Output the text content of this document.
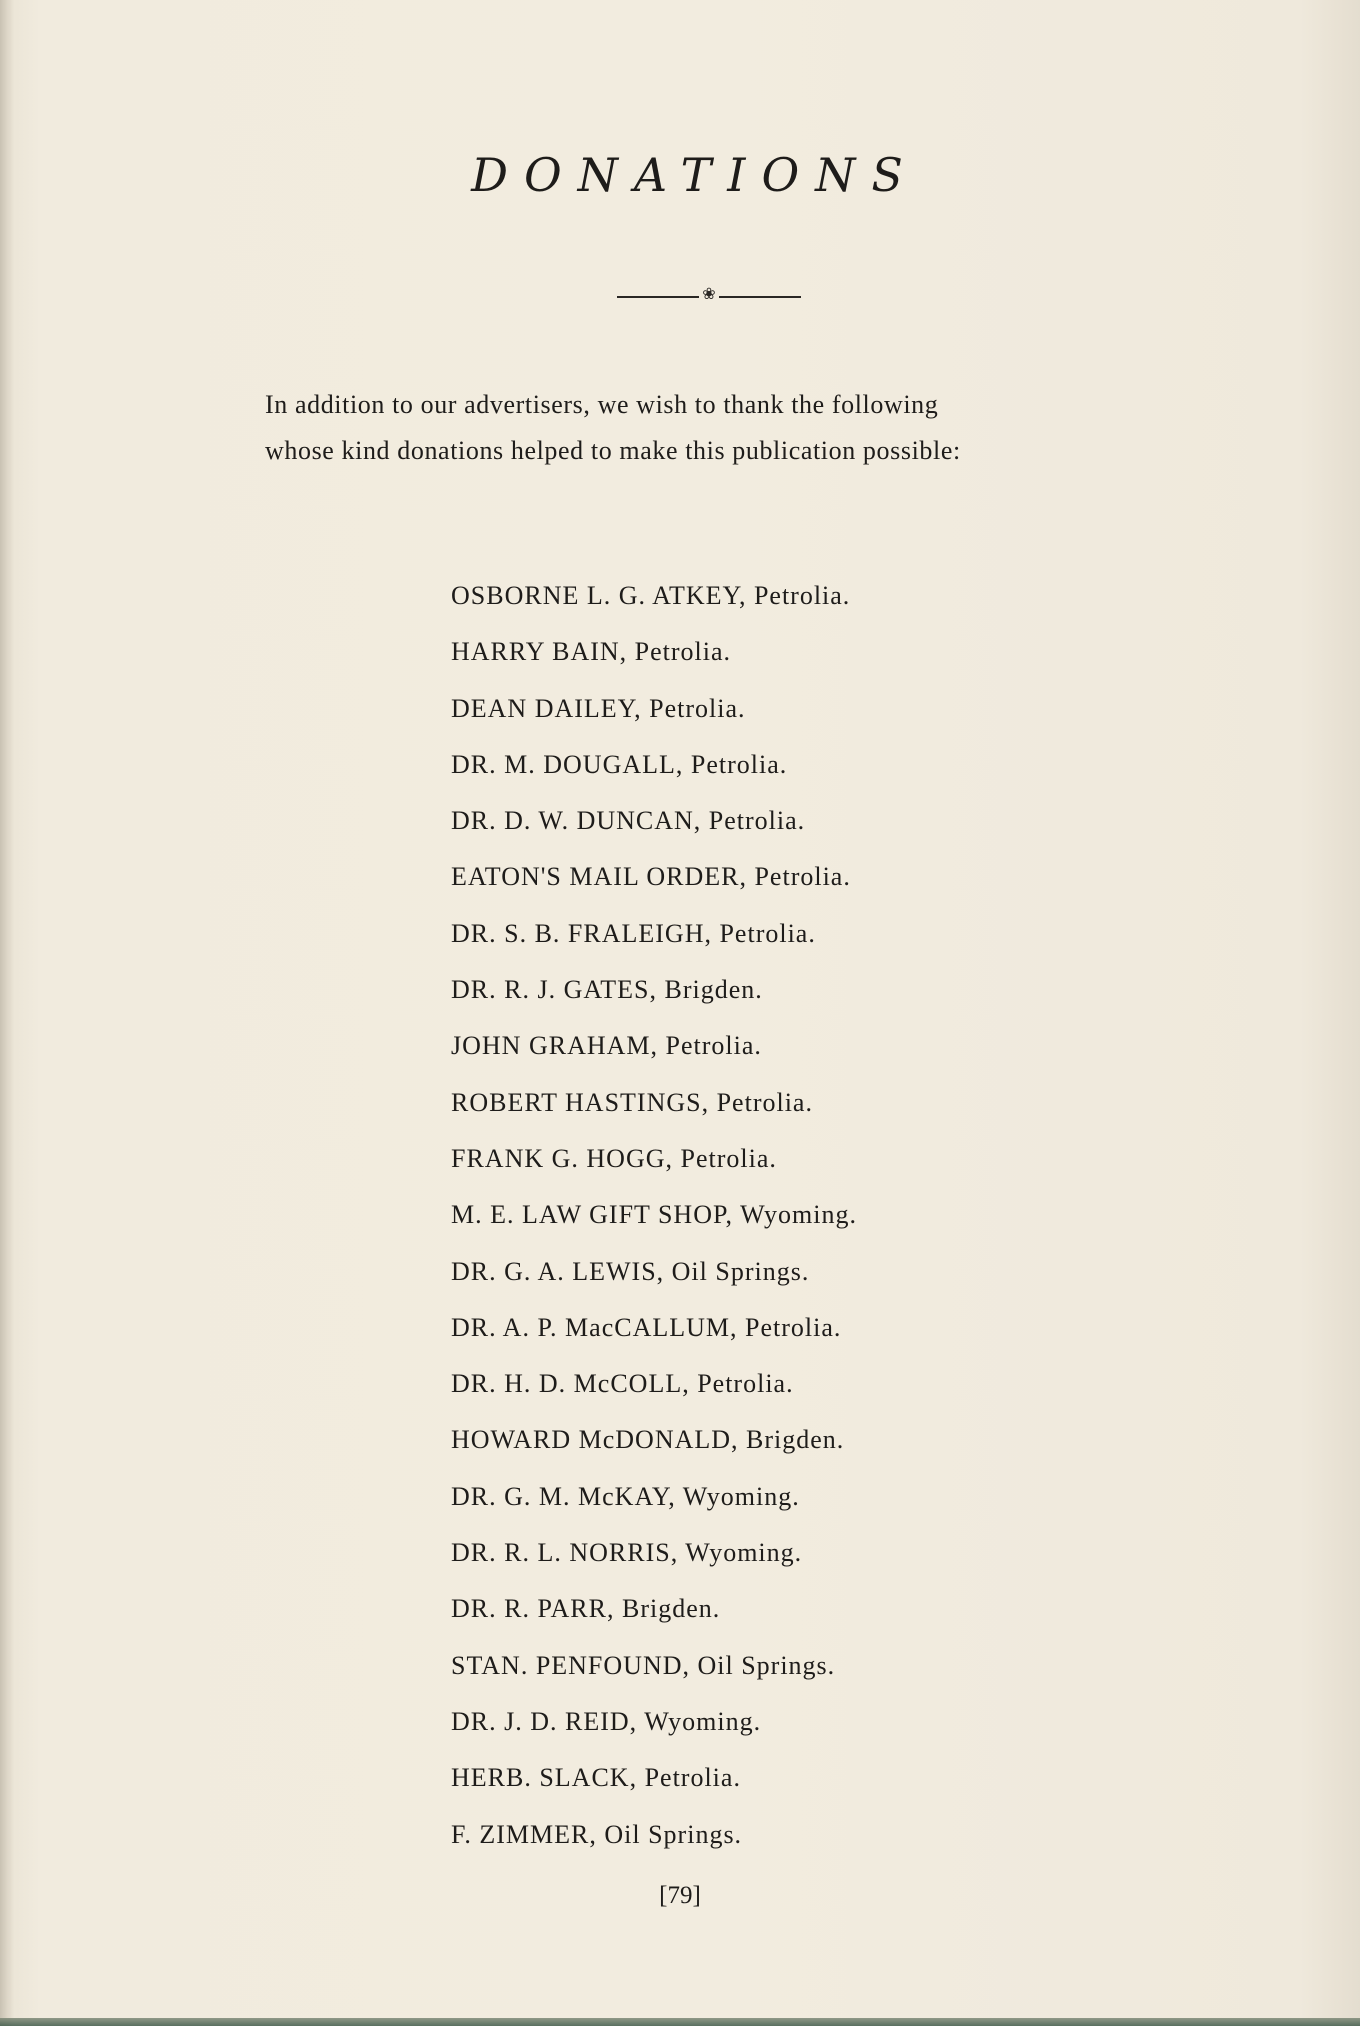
DONATIONS
❀

In addition to our advertisers, we wish to thank the following
whose kind donations helped to make this publication possible:

OSBORNE L. G. ATKEY, Petrolia.
HARRY BAIN, Petrolia.
DEAN DAILEY, Petrolia.
DR. M. DOUGALL, Petrolia.
DR. D. W. DUNCAN, Petrolia.
EATON'S MAIL ORDER, Petrolia.
DR. S. B. FRALEIGH, Petrolia.
DR. R. J. GATES, Brigden.
JOHN GRAHAM, Petrolia.
ROBERT HASTINGS, Petrolia.
FRANK G. HOGG, Petrolia.
M. E. LAW GIFT SHOP, Wyoming.
DR. G. A. LEWIS, Oil Springs.
DR. A. P. MacCALLUM, Petrolia.
DR. H. D. McCOLL, Petrolia.
HOWARD McDONALD, Brigden.
DR. G. M. McKAY, Wyoming.
DR. R. L. NORRIS, Wyoming.
DR. R. PARR, Brigden.
STAN. PENFOUND, Oil Springs.
DR. J. D. REID, Wyoming.
HERB. SLACK, Petrolia.
F. ZIMMER, Oil Springs.
[79]
